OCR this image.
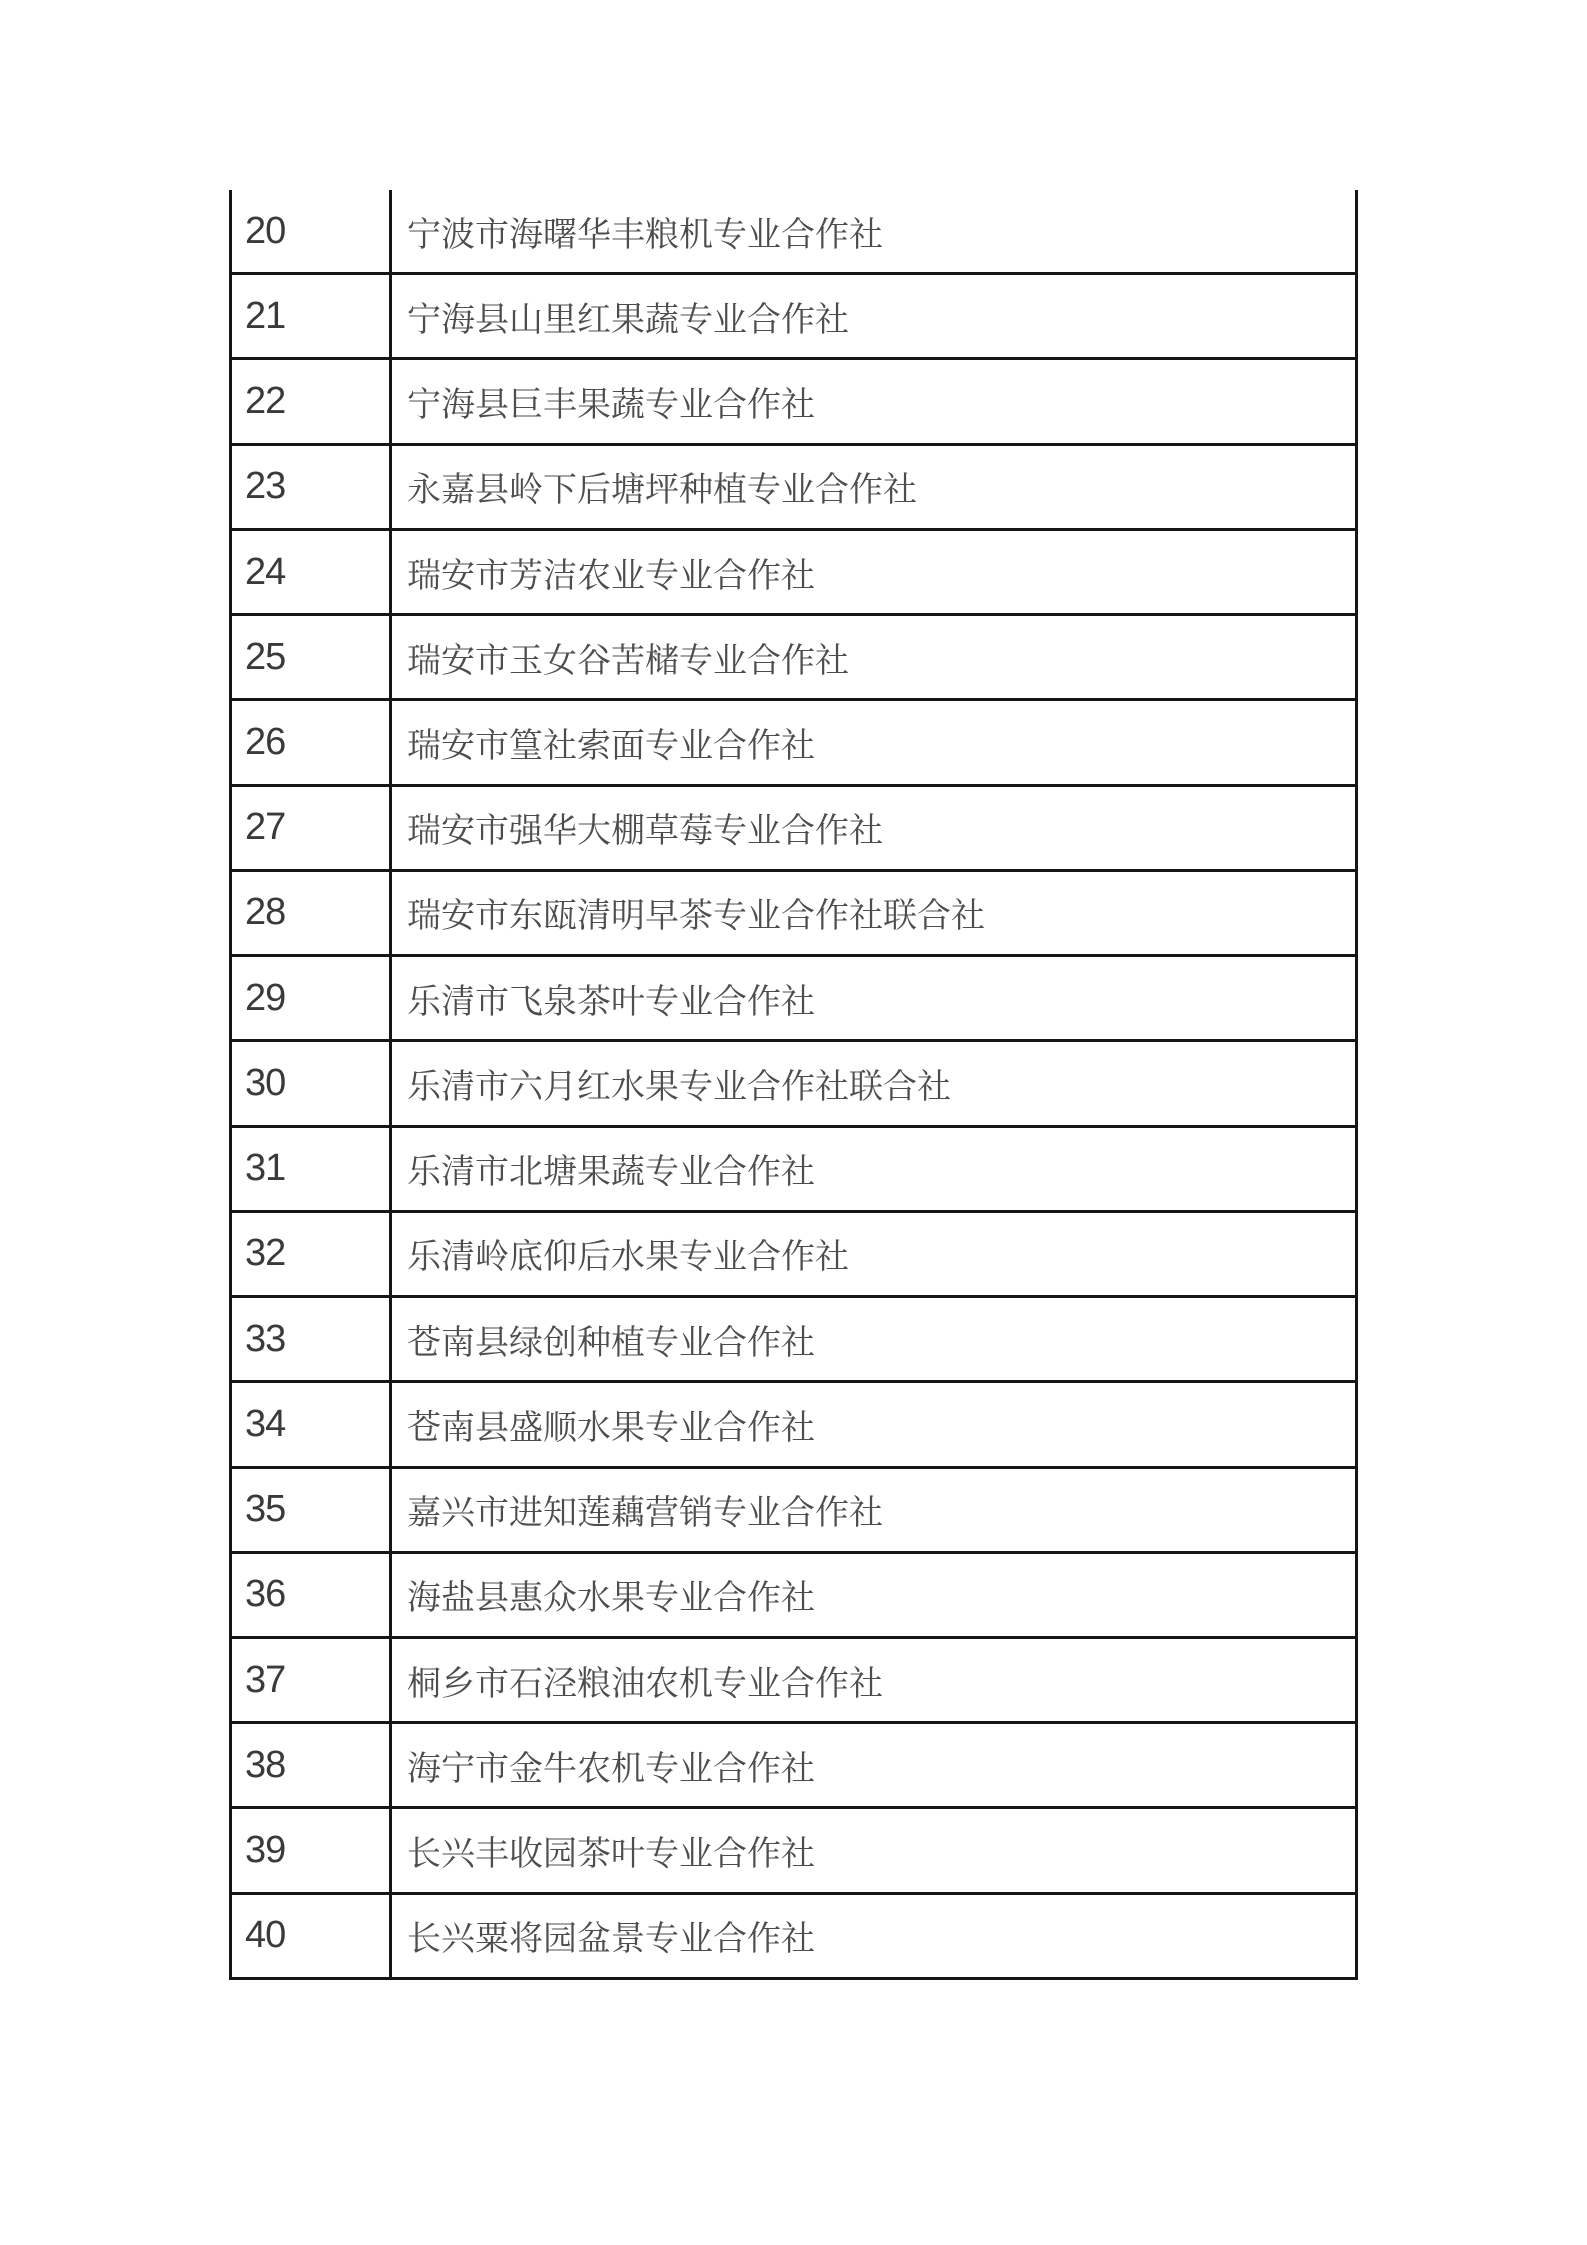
20	宁波市海曙华丰粮机专业合作社
21	宁海县山里红果蔬专业合作社
22	宁海县巨丰果蔬专业合作社
23	永嘉县岭下后塘坪种植专业合作社
24	瑞安市芳洁农业专业合作社
25	瑞安市玉女谷苦槠专业合作社
26	瑞安市篁社索面专业合作社
27	瑞安市强华大棚草莓专业合作社
28	瑞安市东瓯清明早茶专业合作社联合社
29	乐清市飞泉茶叶专业合作社
30	乐清市六月红水果专业合作社联合社
31	乐清市北塘果蔬专业合作社
32	乐清岭底仰后水果专业合作社
33	苍南县绿创种植专业合作社
34	苍南县盛顺水果专业合作社
35	嘉兴市进知莲藕营销专业合作社
36	海盐县惠众水果专业合作社
37	桐乡市石泾粮油农机专业合作社
38	海宁市金牛农机专业合作社
39	长兴丰收园茶叶专业合作社
40	长兴粟将园盆景专业合作社
